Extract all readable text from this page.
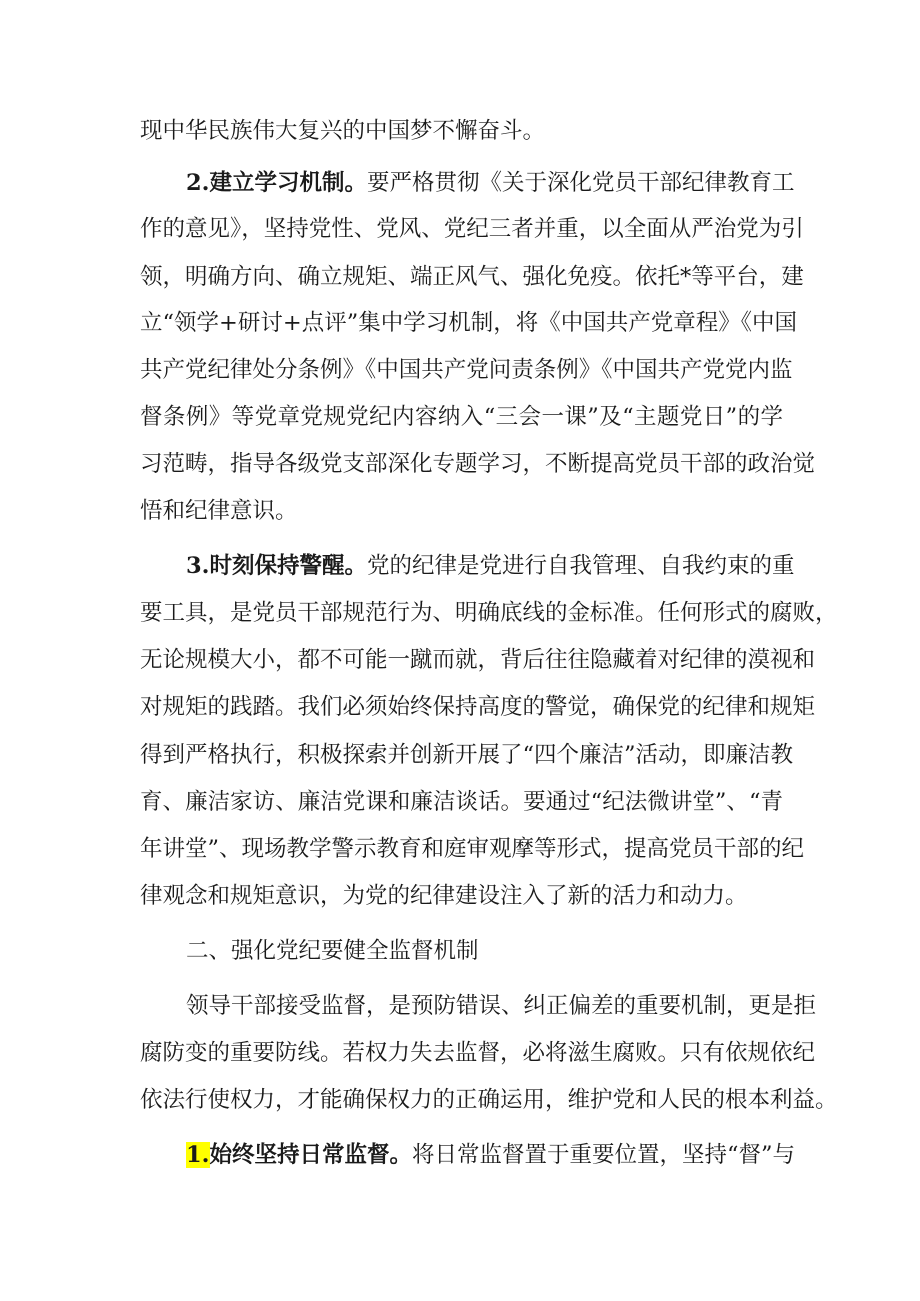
现中华民族伟大复兴的中国梦不懈奋斗。
2.建立学习机制。要严格贯彻《关于深化党员干部纪律教育工
作的意见》，坚持党性、党风、党纪三者并重，以全面从严治党为引
领，明确方向、确立规矩、端正风气、强化免疫。依托*等平台，建
立“领学+研讨+点评”集中学习机制，将《中国共产党章程》《中国
共产党纪律处分条例》《中国共产党问责条例》《中国共产党党内监
督条例》等党章党规党纪内容纳入“三会一课”及“主题党日”的学
习范畴，指导各级党支部深化专题学习，不断提高党员干部的政治觉
悟和纪律意识。
3.时刻保持警醒。党的纪律是党进行自我管理、自我约束的重
要工具，是党员干部规范行为、明确底线的金标准。任何形式的腐败，
无论规模大小，都不可能一蹴而就，背后往往隐藏着对纪律的漠视和
对规矩的践踏。我们必须始终保持高度的警觉，确保党的纪律和规矩
得到严格执行，积极探索并创新开展了“四个廉洁”活动，即廉洁教
育、廉洁家访、廉洁党课和廉洁谈话。要通过“纪法微讲堂”、“青
年讲堂”、现场教学警示教育和庭审观摩等形式，提高党员干部的纪
律观念和规矩意识，为党的纪律建设注入了新的活力和动力。
二、强化党纪要健全监督机制
领导干部接受监督，是预防错误、纠正偏差的重要机制，更是拒
腐防变的重要防线。若权力失去监督，必将滋生腐败。只有依规依纪
依法行使权力，才能确保权力的正确运用，维护党和人民的根本利益。
1.始终坚持日常监督。将日常监督置于重要位置，坚持“督”与
